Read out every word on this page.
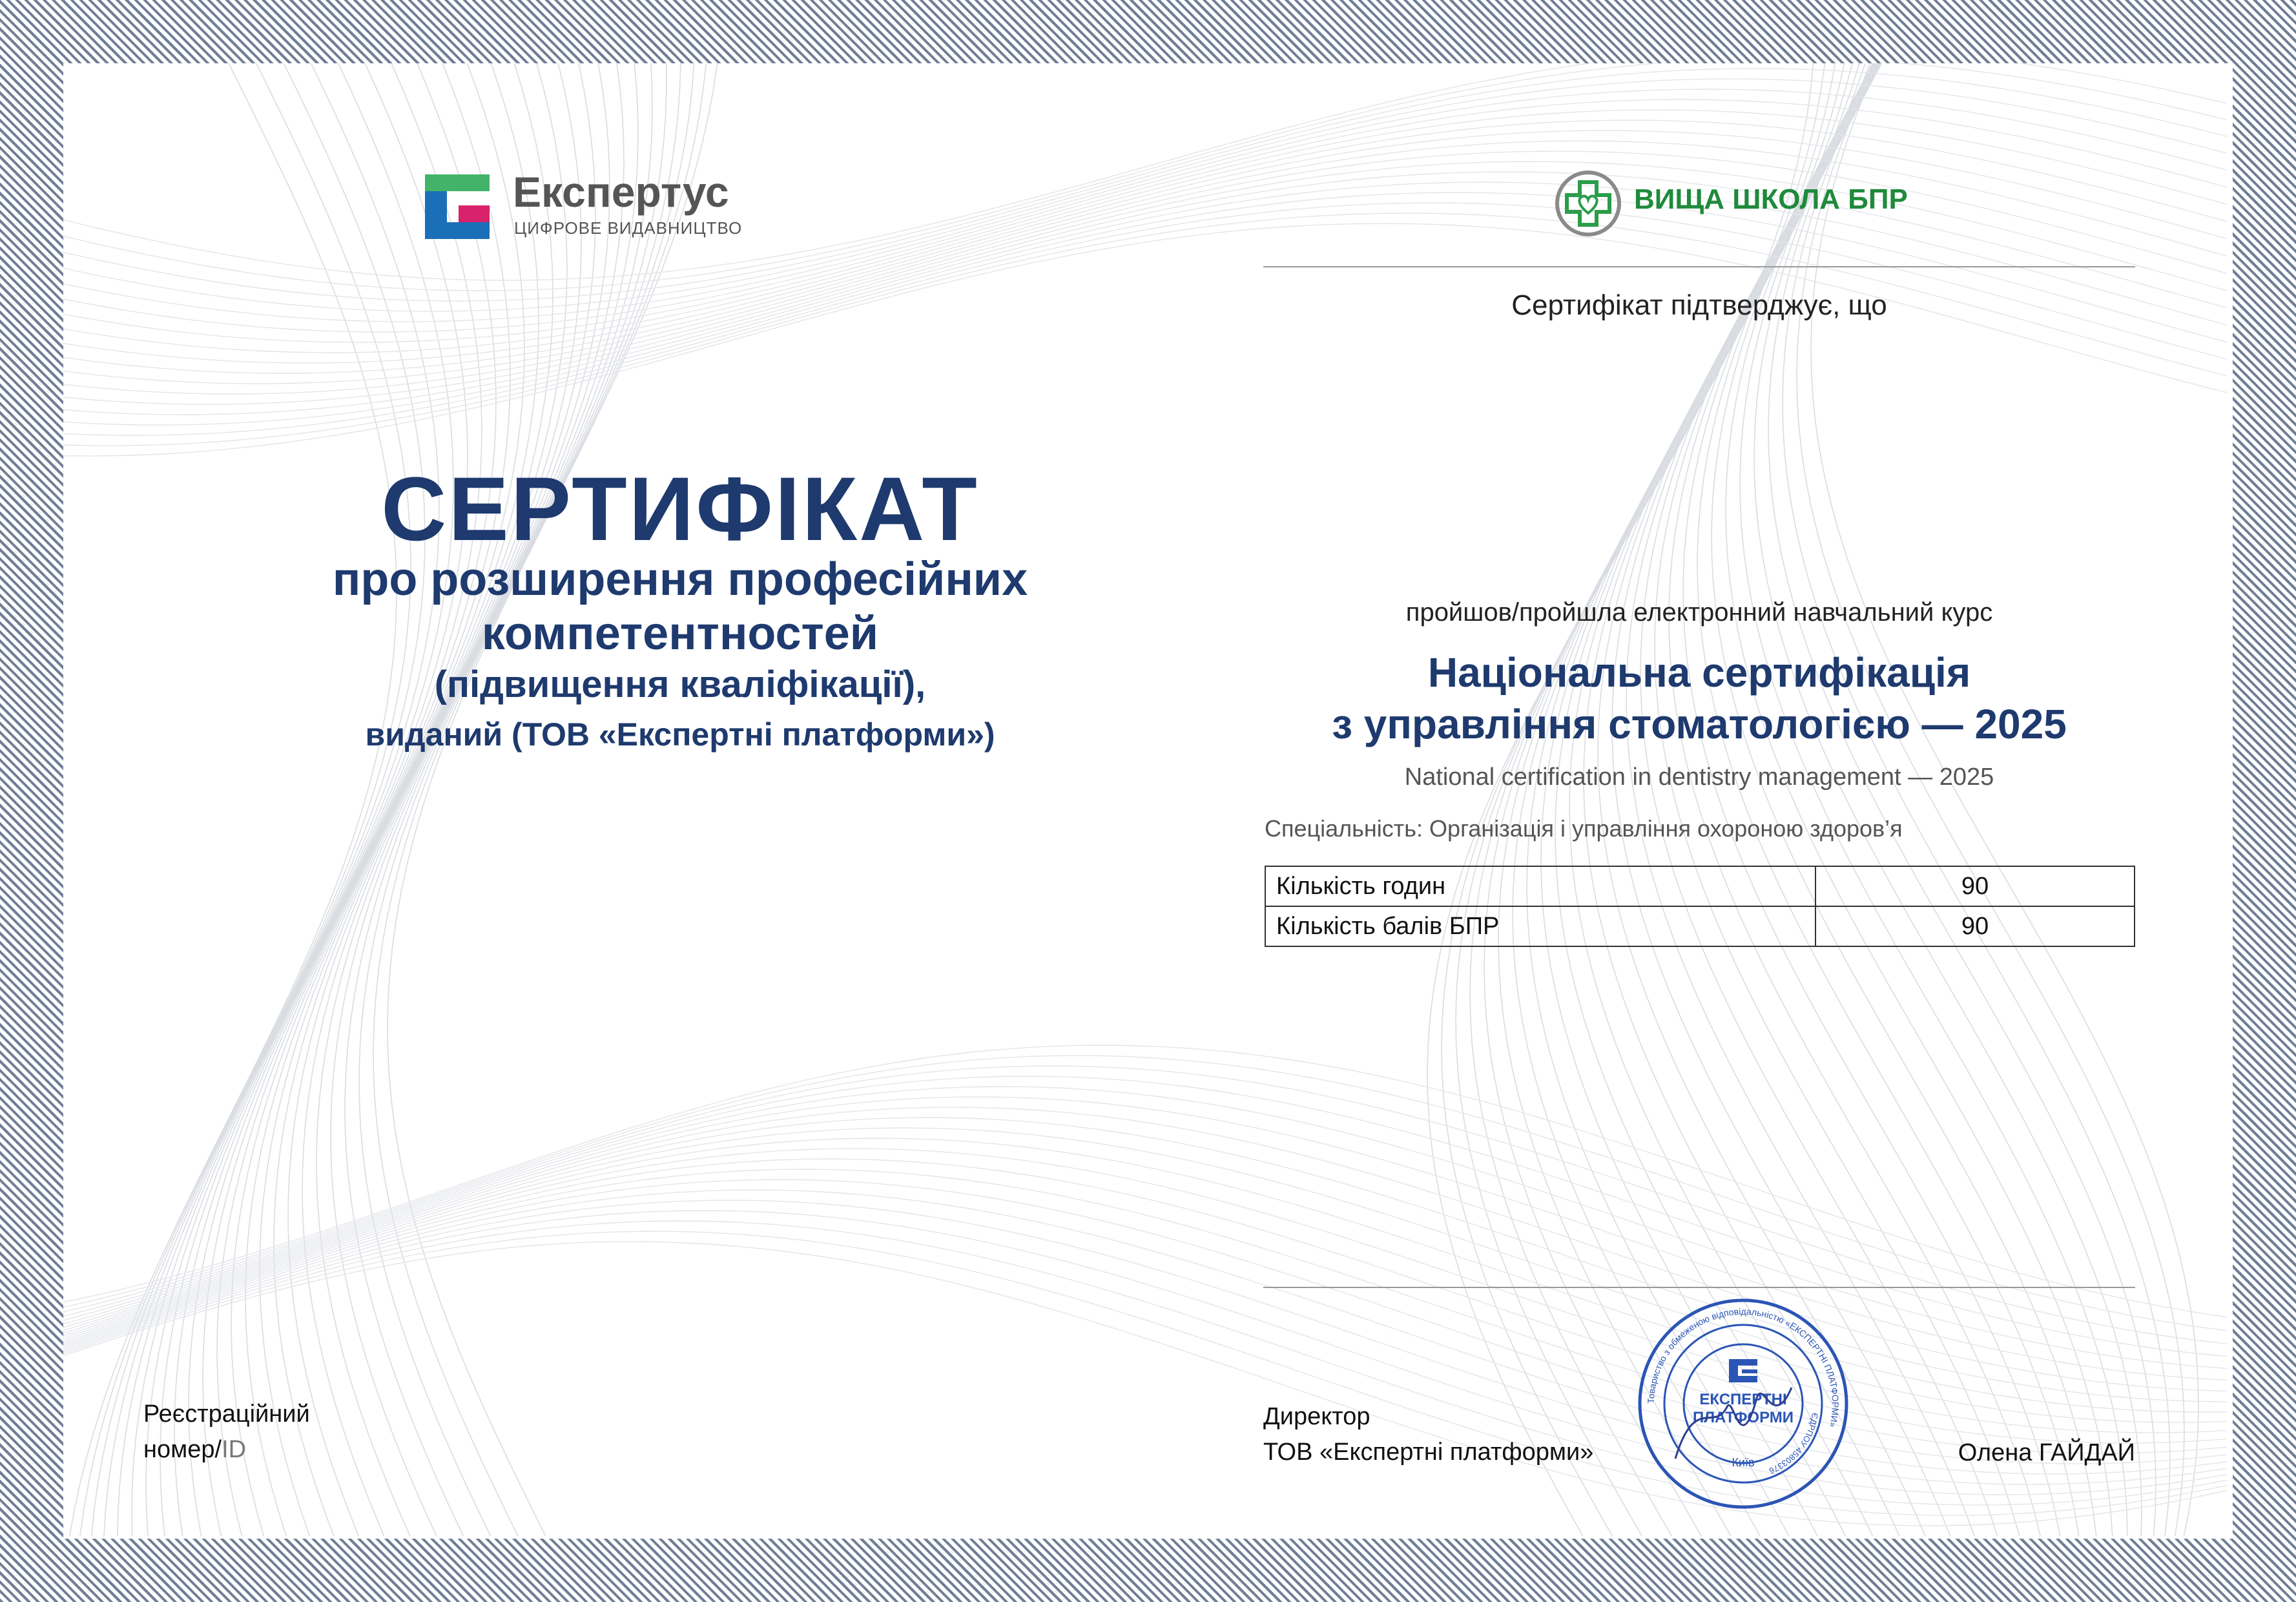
Експертус
ЦИФРОВЕ ВИДАВНИЦТВО
ВИЩА ШКОЛА БПР
СЕРТИФІКАТ
про розширення професійних
компетентностей
(підвищення кваліфікації),
виданий (ТОВ «Експертні платформи»)
Реєстраційний
номер/ID
Сертифікат підтверджує, що
пройшов/пройшла електронний навчальний курс
Національна сертифікація
з управління стоматологією — 2025
National certification in dentistry management — 2025
Спеціальність: Організація і управління охороною здоров’я
Кількість годин	90
Кількість балів БПР	90
Директор
ТОВ «Експертні платформи»	Олена ГАЙДАЙ
Товариство з обмеженою відповідальністю «ЕКСПЕРТНІ ПЛАТФОРМИ»
ЄДРПОУ 45803376
ЕКСПЕРТНІ
ПЛАТФОРМИ
Київ
